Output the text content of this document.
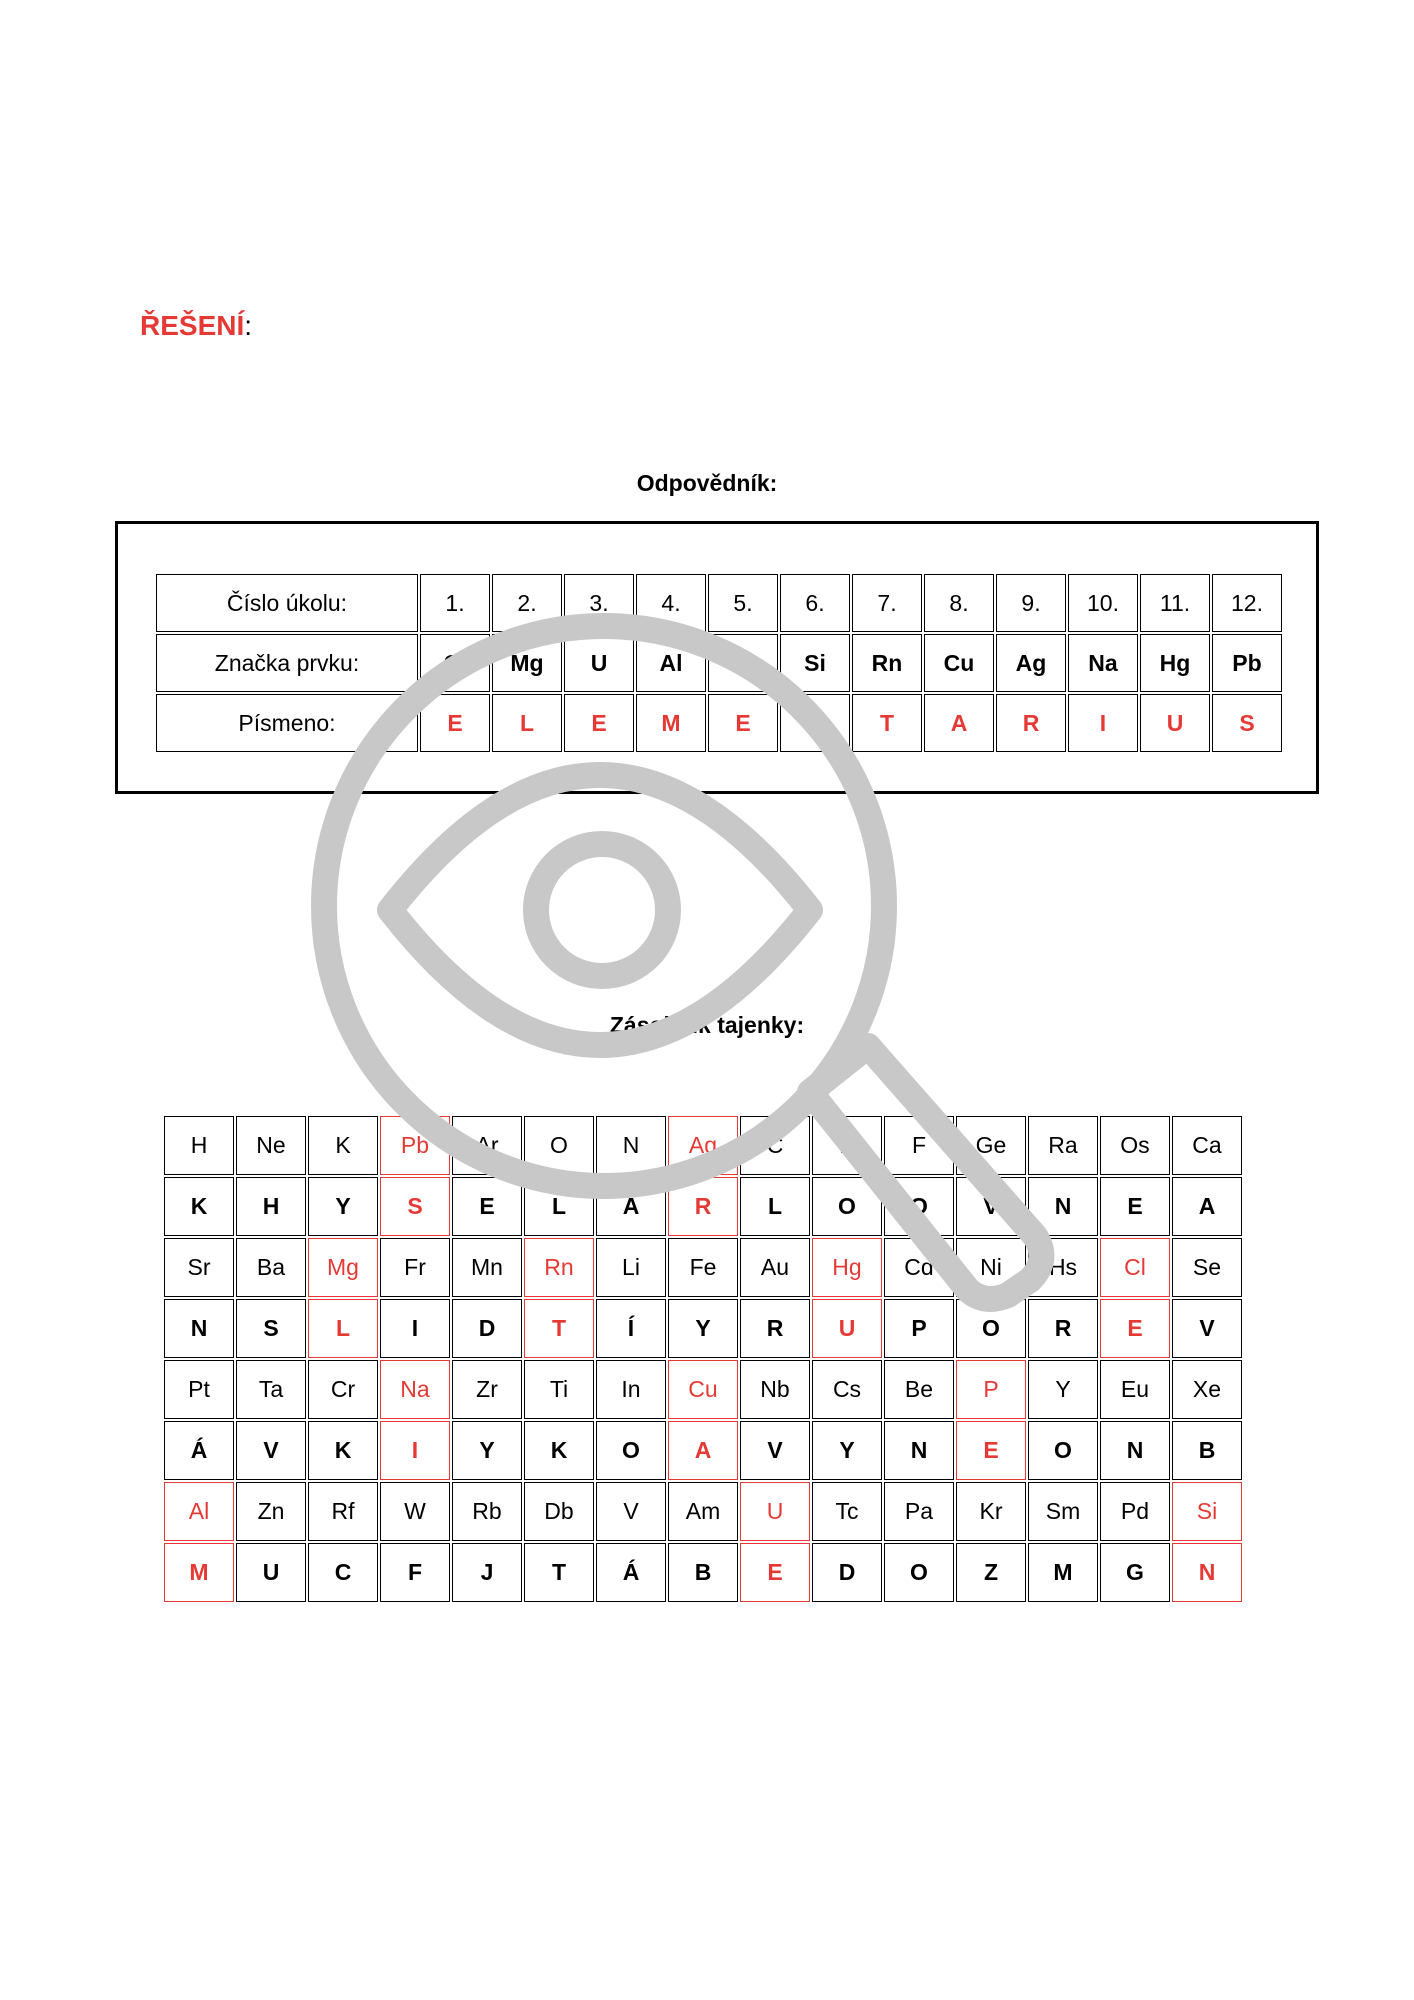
ŘEŠENÍ:
Odpovědník:
Číslo úkolu:	1.	2.	3.	4.	5.	6.	7.	8.	9.	10.	11.	12.
Značka prvku:	Cl	Mg	U	Al	P	Si	Rn	Cu	Ag	Na	Hg	Pb
Písmeno:	E	L	E	M	E	N	T	A	R	I	U	S
Zásobník tajenky:
H	Ne	K	Pb	Ar	O	N	Ag	C	B	F	Ge	Ra	Os	Ca
K	H	Y	S	E	L	A	R	L	O	O	V	N	E	A
Sr	Ba	Mg	Fr	Mn	Rn	Li	Fe	Au	Hg	Cd	Ni	Hs	Cl	Se
N	S	L	I	D	T	Í	Y	R	U	P	O	R	E	V
Pt	Ta	Cr	Na	Zr	Ti	In	Cu	Nb	Cs	Be	P	Y	Eu	Xe
Á	V	K	I	Y	K	O	A	V	Y	N	E	O	N	B
Al	Zn	Rf	W	Rb	Db	V	Am	U	Tc	Pa	Kr	Sm	Pd	Si
M	U	C	F	J	T	Á	B	E	D	O	Z	M	G	N
